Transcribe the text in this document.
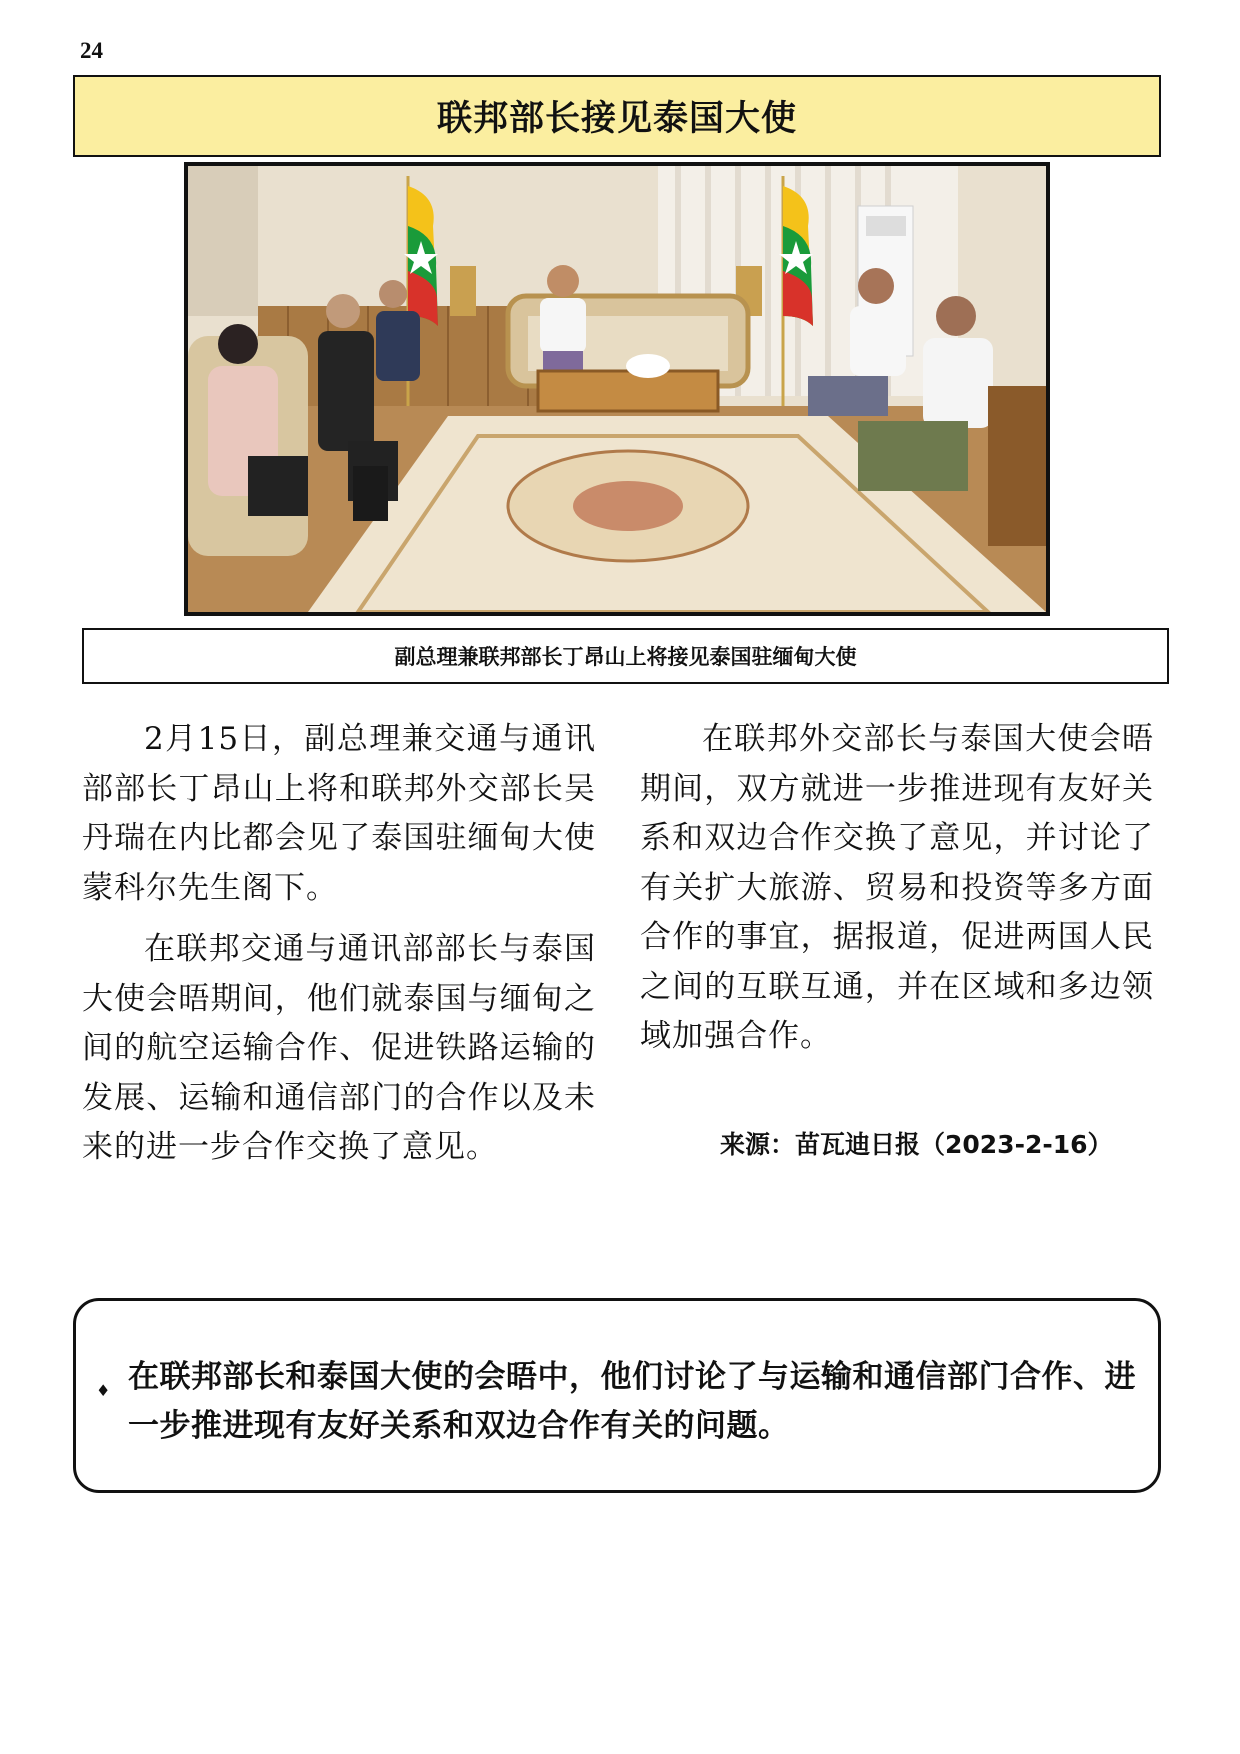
24
联邦部长接见泰国大使
副总理兼联邦部长丁昂山上将接见泰国驻缅甸大使

2月15日，副总理兼交通与通讯部部长丁昂山上将和联邦外交部长吴丹瑞在内比都会见了泰国驻缅甸大使蒙科尔先生阁下。

在联邦交通与通讯部部长与泰国大使会晤期间，他们就泰国与缅甸之间的航空运输合作、促进铁路运输的发展、运输和通信部门的合作以及未来的进一步合作交换了意见。

在联邦外交部长与泰国大使会晤期间，双方就进一步推进现有友好关系和双边合作交换了意见，并讨论了有关扩大旅游、贸易和投资等多方面合作的事宜，据报道，促进两国人民之间的互联互通，并在区域和多边领域加强合作。

来源：苗瓦迪日报（2023-2-16）
♦ 在联邦部长和泰国大使的会晤中，他们讨论了与运输和通信部门合作、进一步推进现有友好关系和双边合作有关的问题。
